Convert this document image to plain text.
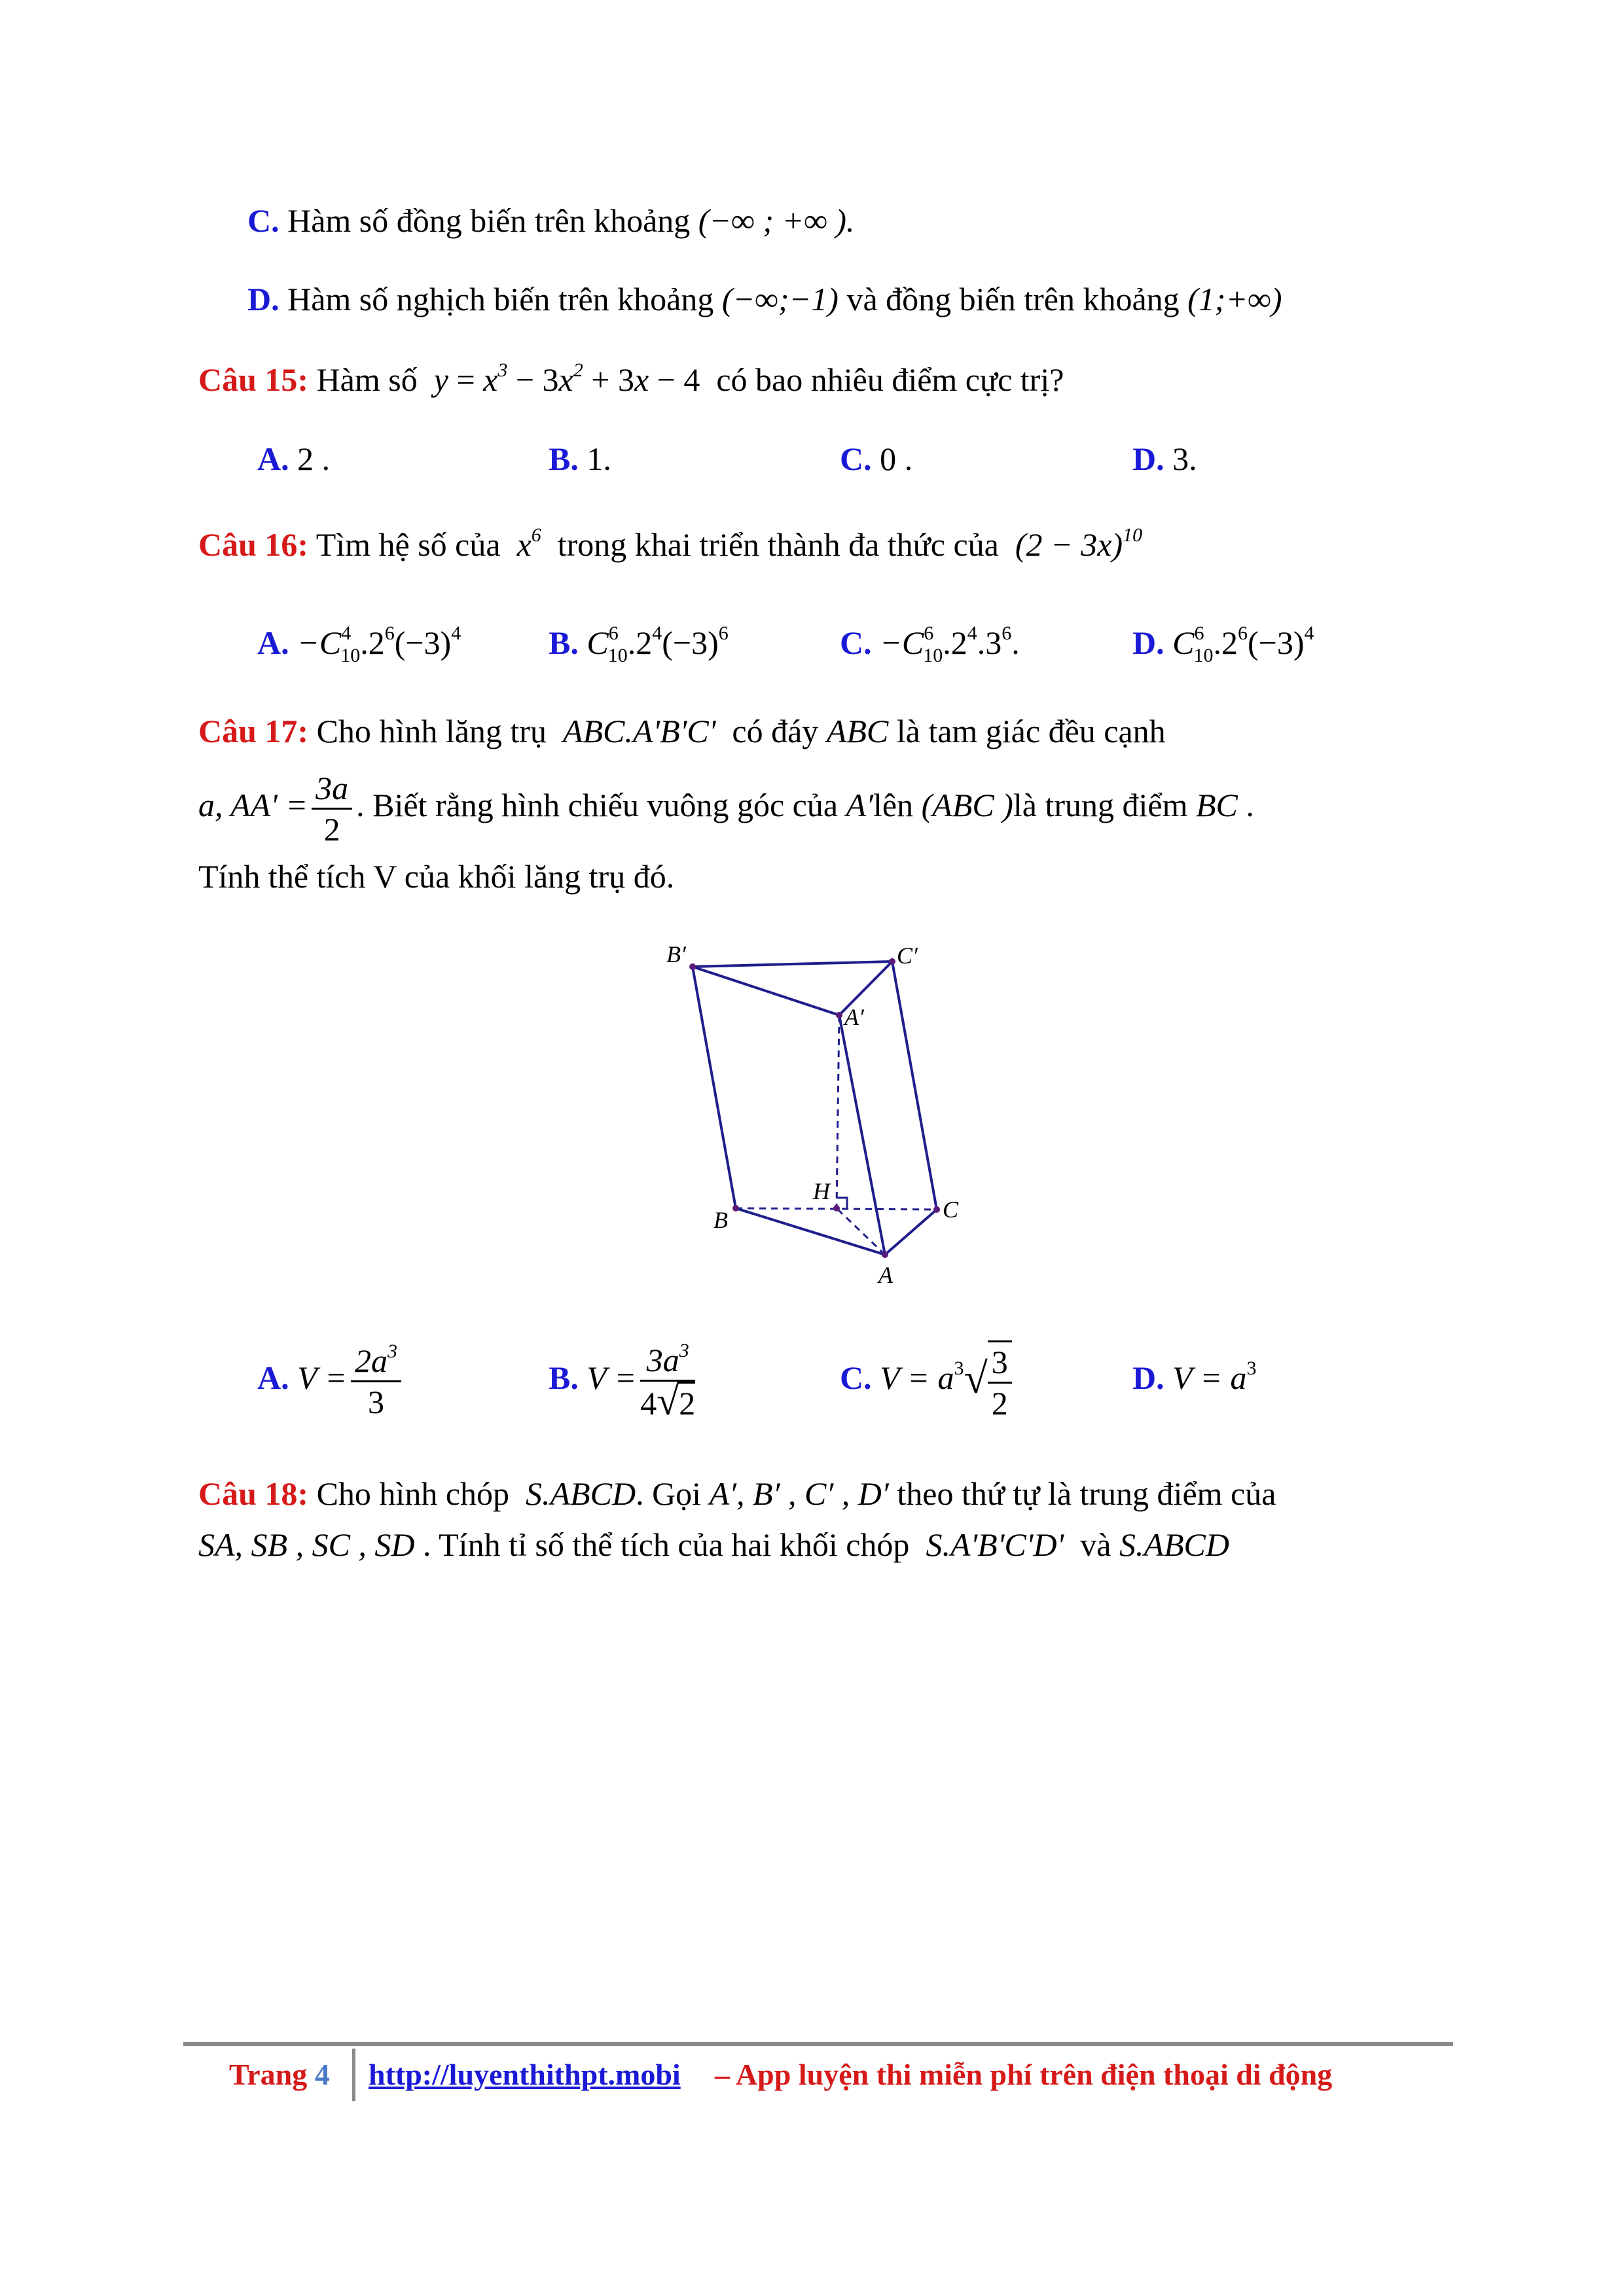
C. Hàm số đồng biến trên khoảng (−∞ ; +∞ ).
D. Hàm số nghịch biến trên khoảng (−∞;−1) và đồng biến trên khoảng (1;+∞)
Câu 15: Hàm số $y = x^3 - 3x^2 + 3x - 4$ có bao nhiêu điểm cực trị?
A. 2 .	B. 1.	C. 0 .	D. 3.
Câu 16: Tìm hệ số của $x^6$ trong khai triển thành đa thức của $(2 - 3x)^{10}$
A. $-C^4_{10}.2^6(-3)^4$	B. $C^6_{10}.2^4(-3)^6$	C. $-C^6_{10}.2^4.3^6$.	D. $C^6_{10}.2^6(-3)^4$
Câu 17: Cho hình lăng trụ ABC.A'B'C' có đáy ABC là tam giác đều cạnh
a, $AA' = \frac{3a}{2}$ . Biết rằng hình chiếu vuông góc của A′lên (ABC )là trung điểm BC .
Tính thể tích V của khối lăng trụ đó.
B′	C′
A′
H
B	C
A
A. $V = \frac{2a^3}{3}$	B. $V = \frac{3a^3}{4√2}$	C. $V = a^3√ \frac{3}{2}$	D. $V = a^3$
Câu 18: Cho hình chóp S.ABCD. Gọi A′, B′ , C′ , D′ theo thứ tự là trung điểm của
SA, SB , SC , SD . Tính tỉ số thể tích của hai khối chóp S.A'B'C'D' và S.ABCD
Trang 4 http://luyenthithpt.mobi – App luyện thi miễn phí trên điện thoại di động
